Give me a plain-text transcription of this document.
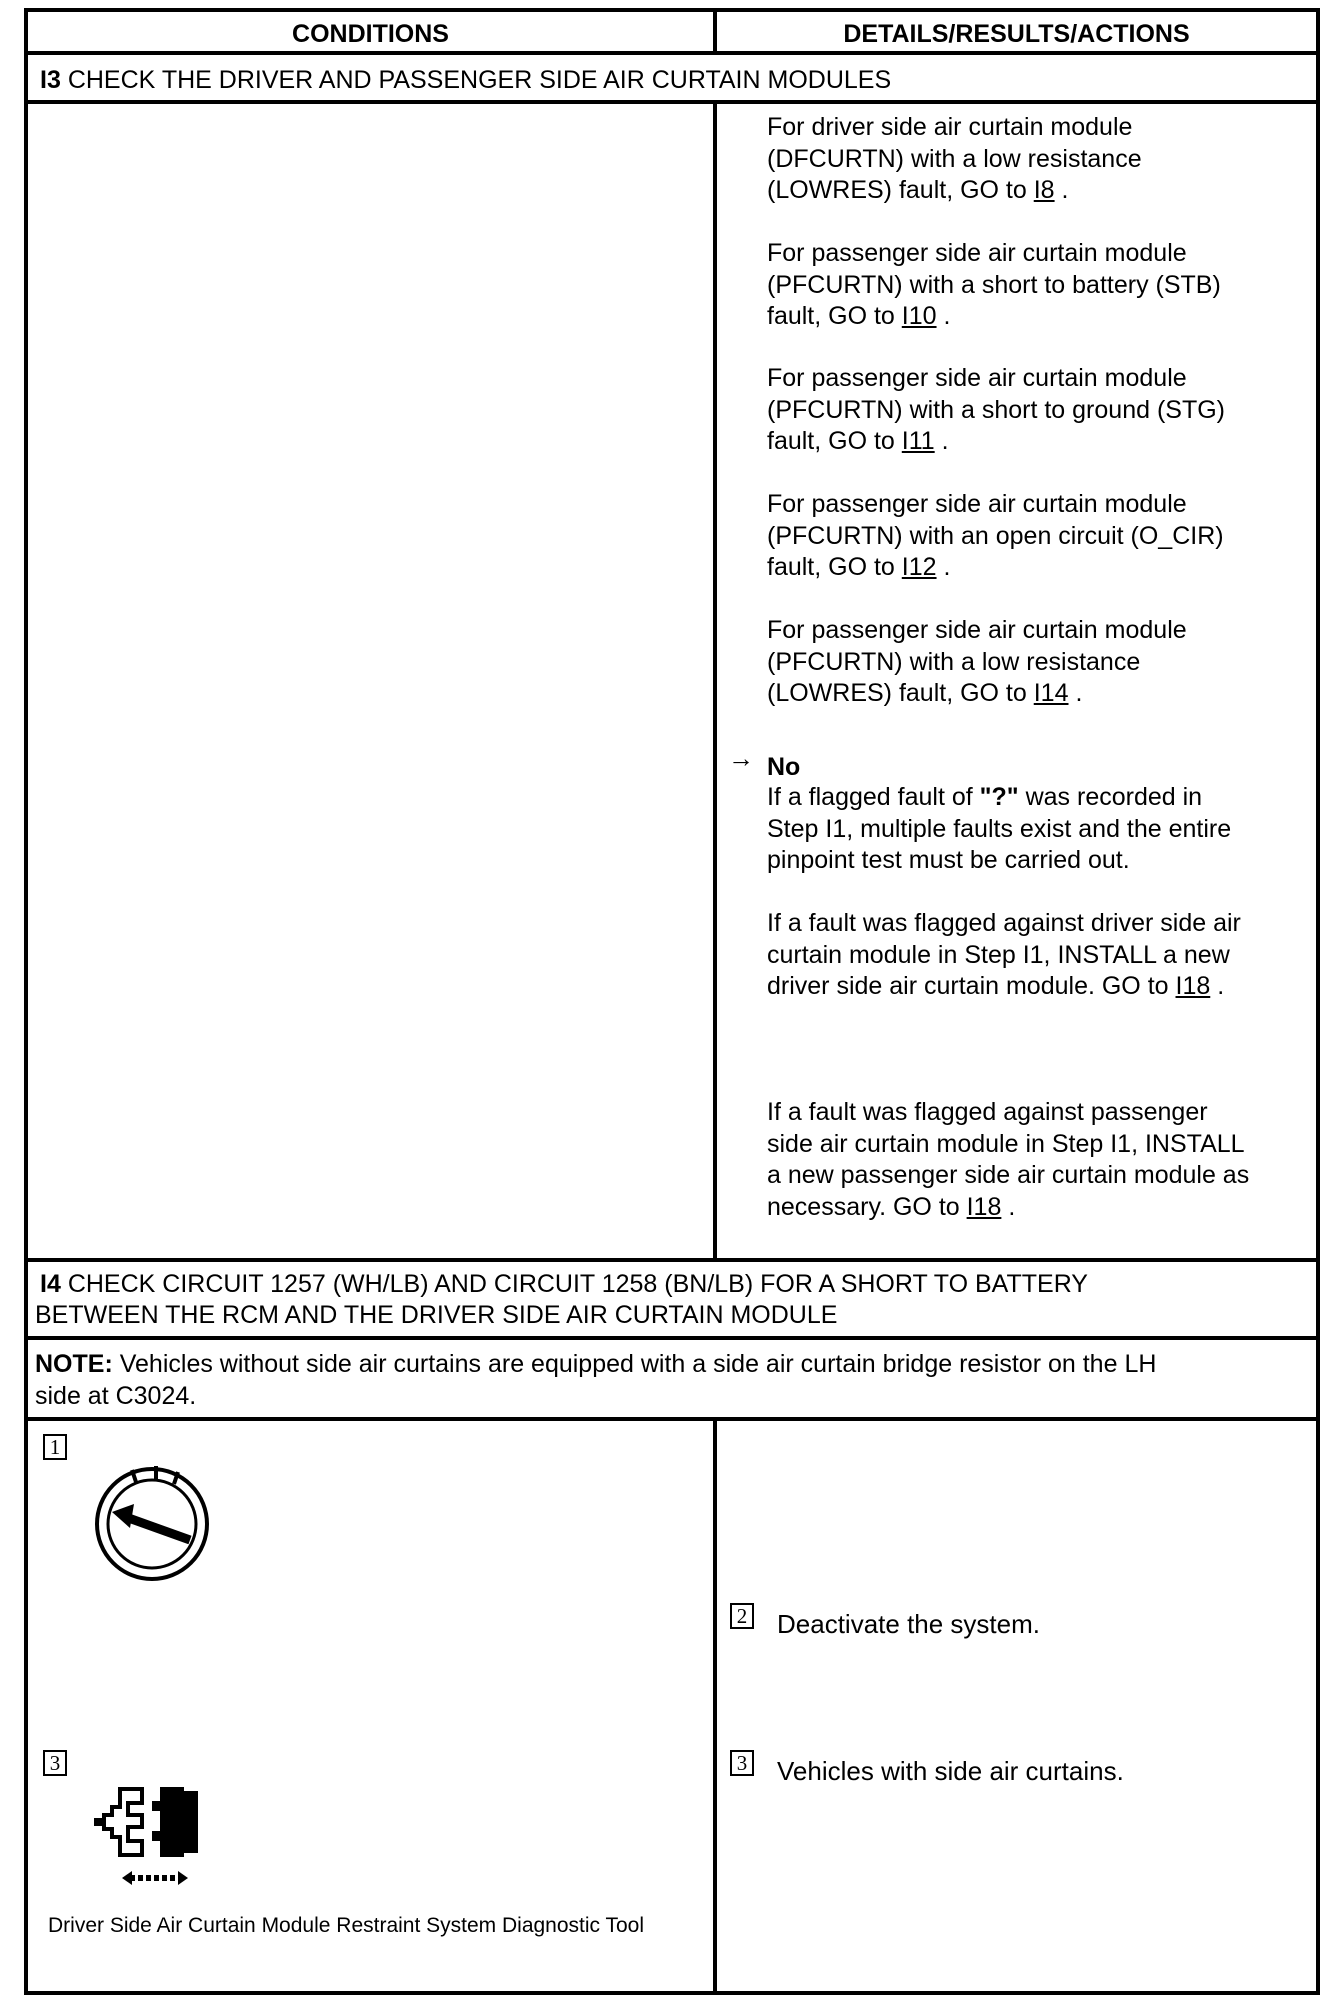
CONDITIONS	DETAILS/RESULTS/ACTIONS
I3 CHECK THE DRIVER AND PASSENGER SIDE AIR CURTAIN MODULES
For driver side air curtain module
(DFCURTN) with a low resistance
(LOWRES) fault, GO to I8 .
For passenger side air curtain module
(PFCURTN) with a short to battery (STB)
fault, GO to I10 .
For passenger side air curtain module
(PFCURTN) with a short to ground (STG)
fault, GO to I11 .
For passenger side air curtain module
(PFCURTN) with an open circuit (O_CIR)
fault, GO to I12 .
For passenger side air curtain module
(PFCURTN) with a low resistance
(LOWRES) fault, GO to I14 .
→ No
If a flagged fault of "?" was recorded in
Step I1, multiple faults exist and the entire
pinpoint test must be carried out.
If a fault was flagged against driver side air
curtain module in Step I1, INSTALL a new
driver side air curtain module. GO to I18 .
If a fault was flagged against passenger
side air curtain module in Step I1, INSTALL
a new passenger side air curtain module as
necessary. GO to I18 .
I4 CHECK CIRCUIT 1257 (WH/LB) AND CIRCUIT 1258 (BN/LB) FOR A SHORT TO BATTERY
BETWEEN THE RCM AND THE DRIVER SIDE AIR CURTAIN MODULE
NOTE: Vehicles without side air curtains are equipped with a side air curtain bridge resistor on the LH
side at C3024.
1
2 Deactivate the system.
3
Driver Side Air Curtain Module Restraint System Diagnostic Tool
3 Vehicles with side air curtains.
